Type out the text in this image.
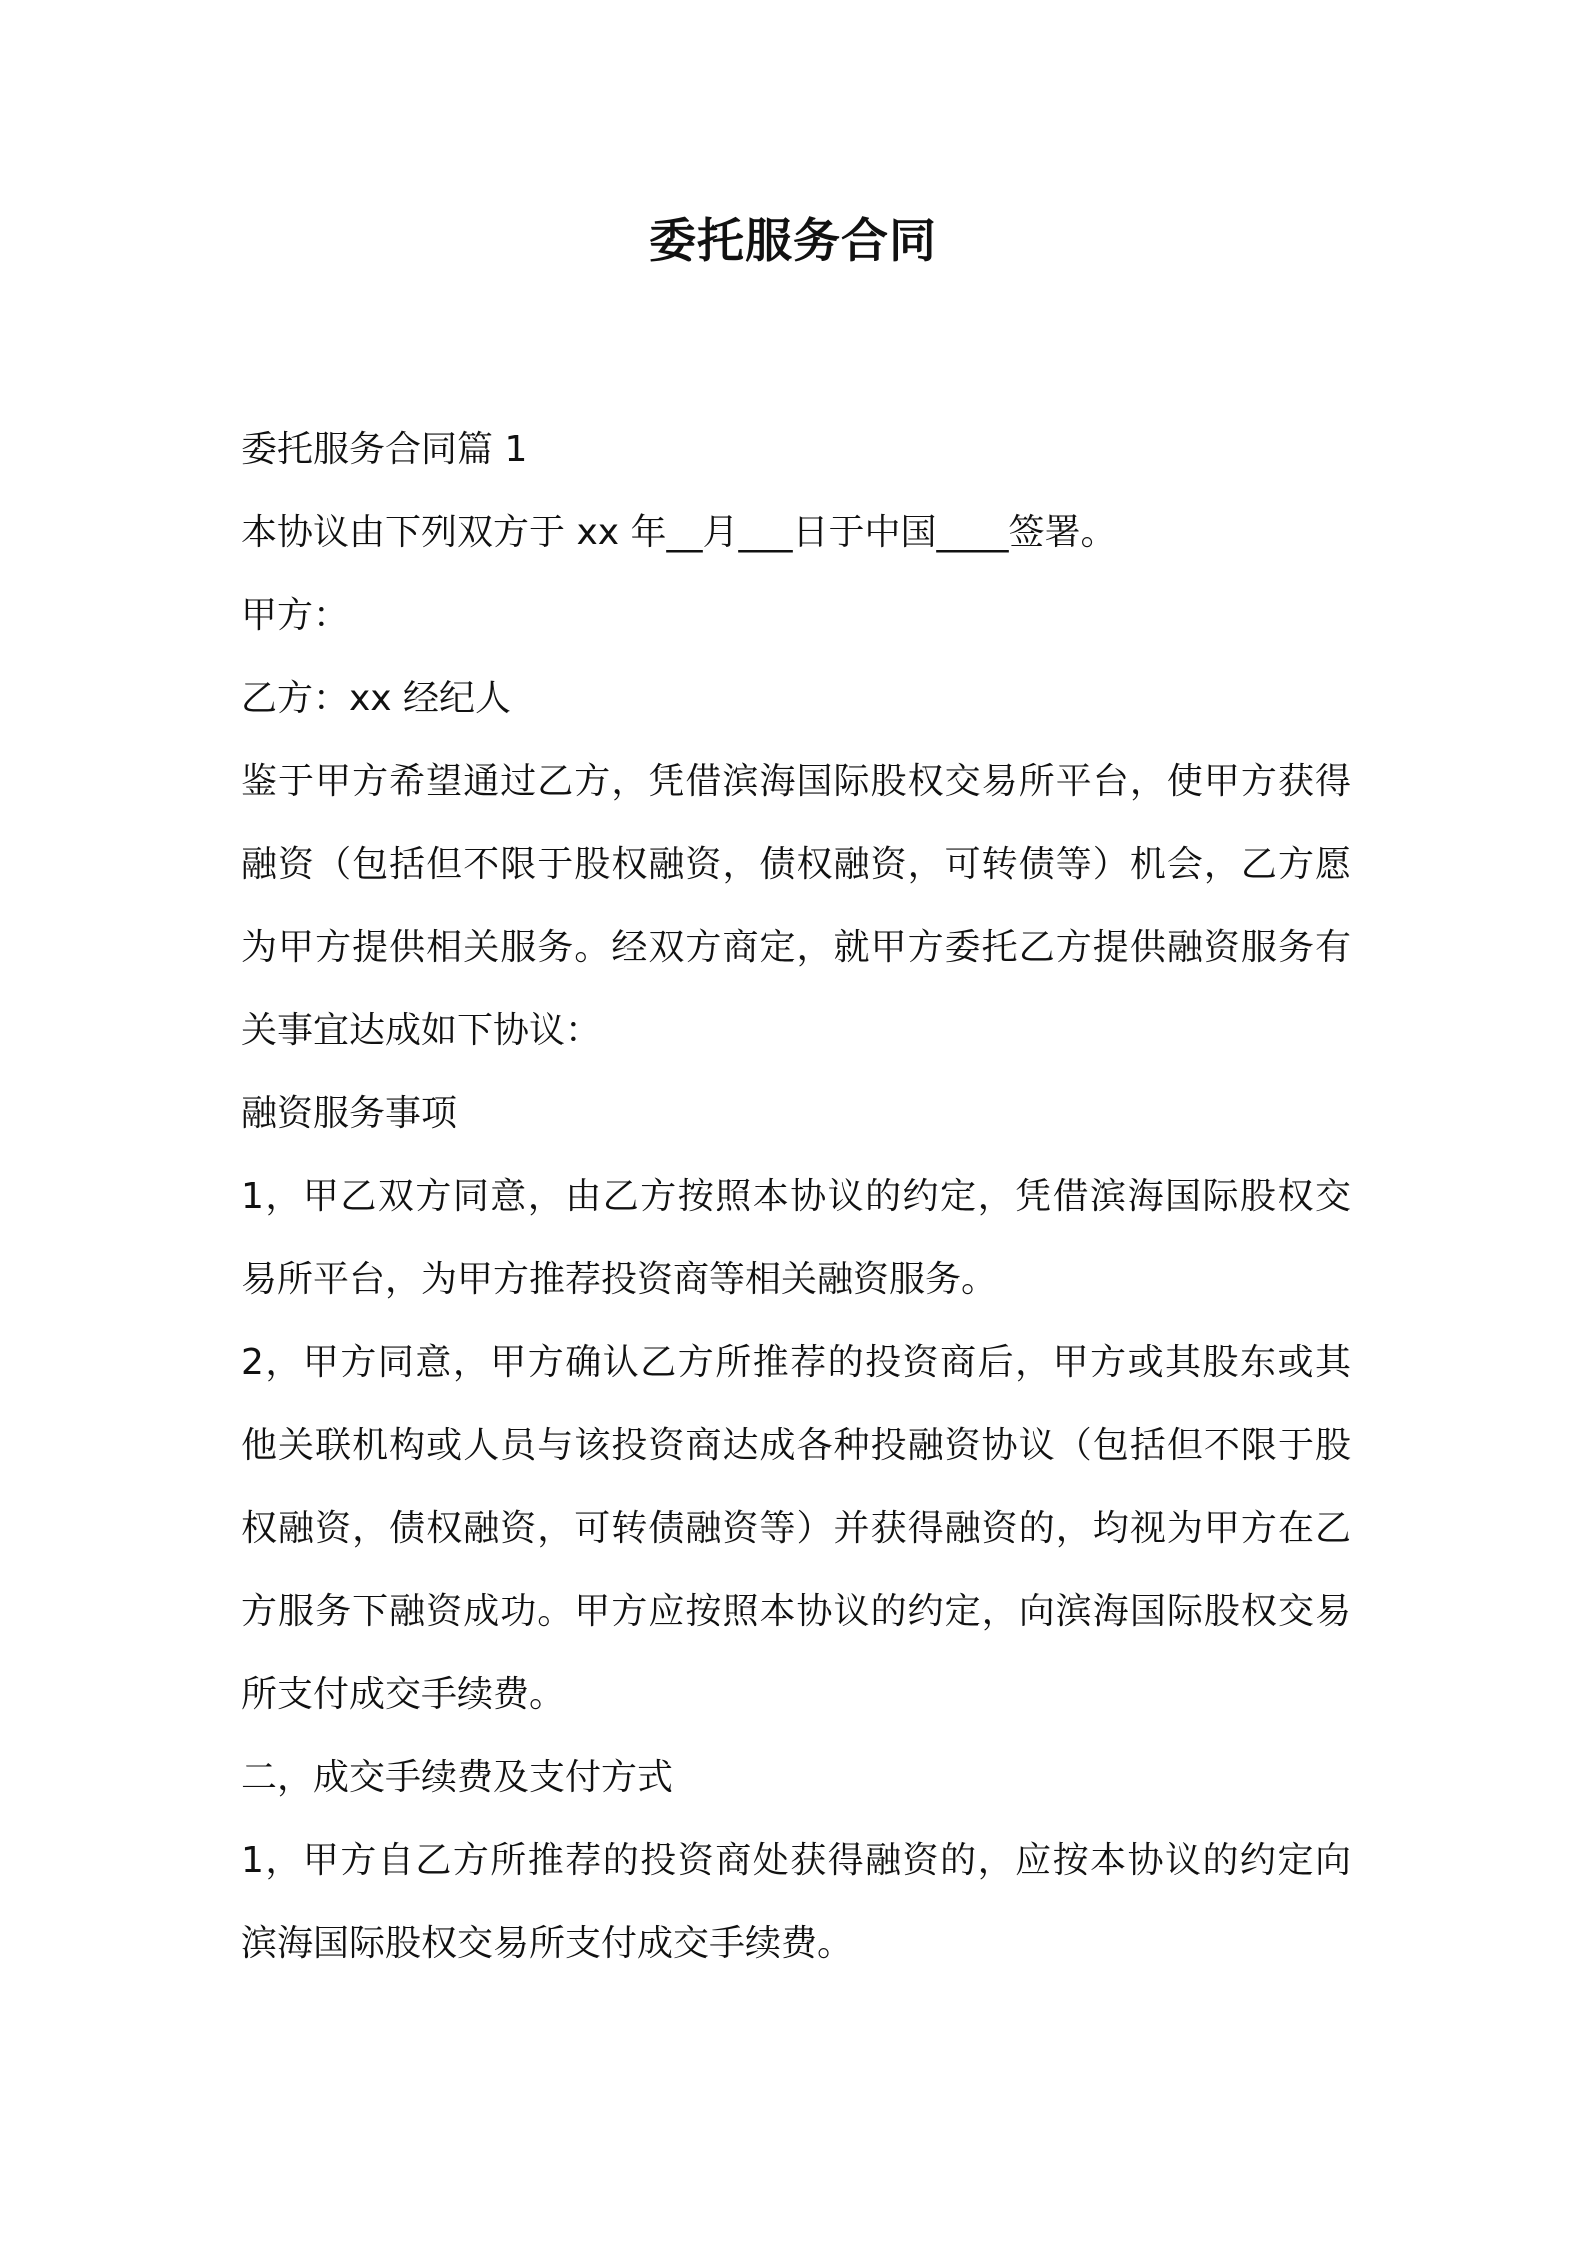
委托服务合同
委托服务合同篇 1
本协议由下列双方于 xx 年__月___日于中国____签署。
甲方：
乙方：xx 经纪人
鉴于甲方希望通过乙方，凭借滨海国际股权交易所平台，使甲方获得
融资（包括但不限于股权融资，债权融资，可转债等）机会，乙方愿
为甲方提供相关服务。经双方商定，就甲方委托乙方提供融资服务有
关事宜达成如下协议：
融资服务事项
1，甲乙双方同意，由乙方按照本协议的约定，凭借滨海国际股权交
易所平台，为甲方推荐投资商等相关融资服务。
2，甲方同意，甲方确认乙方所推荐的投资商后，甲方或其股东或其
他关联机构或人员与该投资商达成各种投融资协议（包括但不限于股
权融资，债权融资，可转债融资等）并获得融资的，均视为甲方在乙
方服务下融资成功。甲方应按照本协议的约定，向滨海国际股权交易
所支付成交手续费。
二，成交手续费及支付方式
1，甲方自乙方所推荐的投资商处获得融资的，应按本协议的约定向
滨海国际股权交易所支付成交手续费。
